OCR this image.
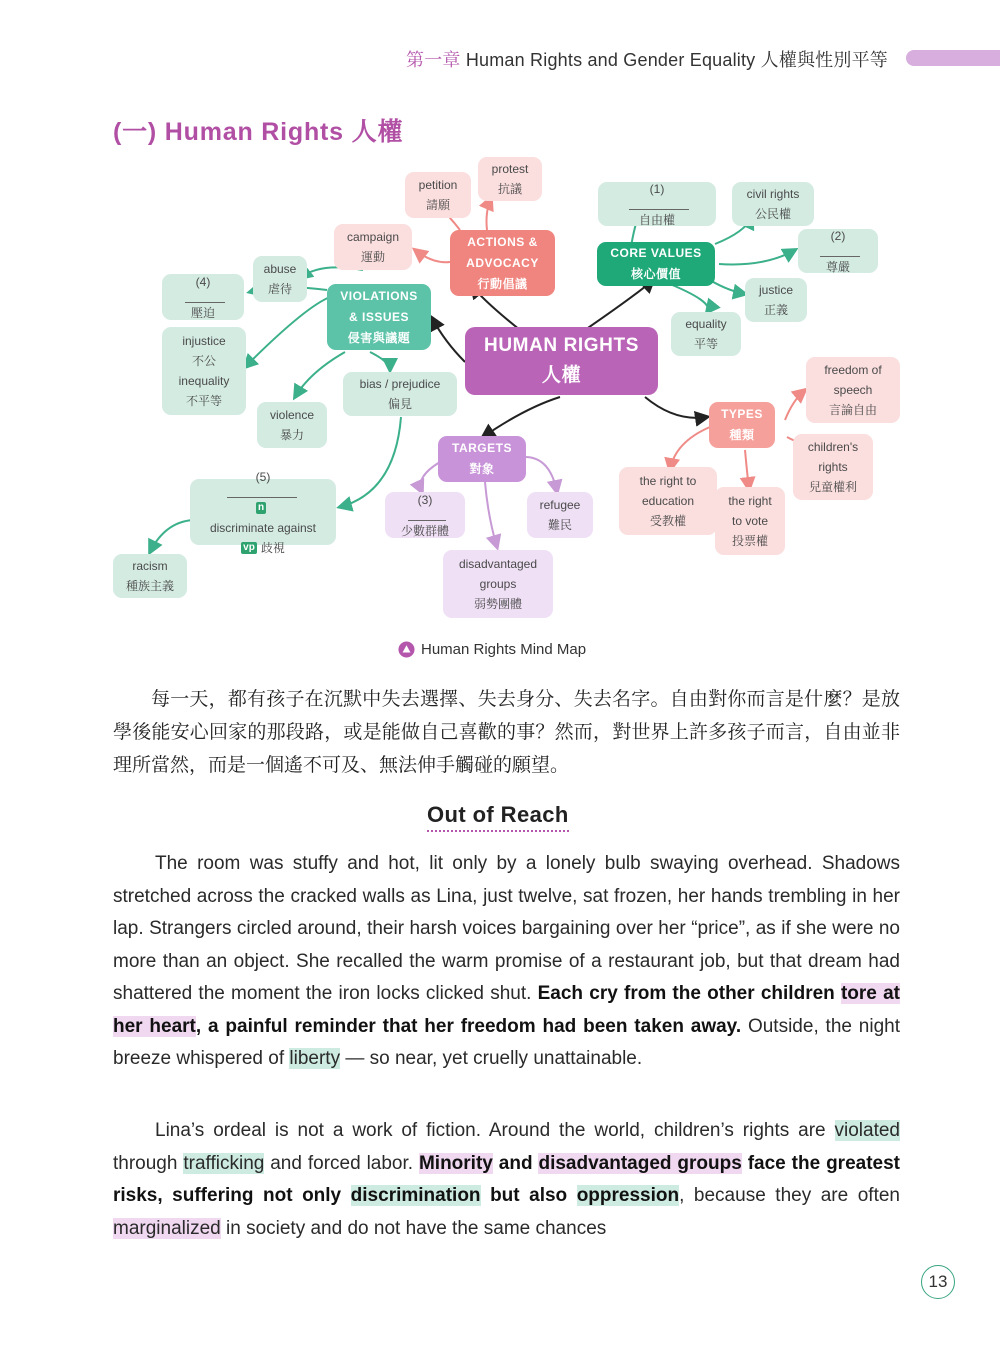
第一章 Human Rights and Gender Equality 人權與性別平等
(一) Human Rights 人權
HUMAN RIGHTS
人權
ACTIONS &
ADVOCACY
行動倡議
petition
請願
protest
抗議
campaign
運動	CORE VALUES
核心價值
(1)
自由權
civil rights
公民權
(2)
尊嚴
justice
正義
equality
平等
VIOLATIONS
& ISSUES
侵害與議題
abuse
虐待
(4)
壓迫
injustice
不公
inequality
不平等
violence
暴力
bias / prejudice
偏見
(5)
n
discriminate against
vp 歧視
racism
種族主義
TARGETS
對象
(3)
少數群體
refugee
難民
disadvantaged
groups
弱勢團體
TYPES
種類
freedom of
speech
言論自由
children's
rights
兒童權利
the right to
education
受教權
the right
to vote
投票權
Human Rights Mind Map

每一天，都有孩子在沉默中失去選擇、失去身分、失去名字。自由對你而言是什麼？是放學後能安心回家的那段路，或是能做自己喜歡的事？然而，對世界上許多孩子而言，自由並非理所當然，而是一個遙不可及、無法伸手觸碰的願望。

Out of Reach

The room was stuffy and hot, lit only by a lonely bulb swaying overhead. Shadows stretched across the cracked walls as Lina, just twelve, sat frozen, her hands trembling in her lap. Strangers circled around, their harsh voices bargaining over her “price”, as if she were no more than an object. She recalled the warm promise of a restaurant job, but that dream had shattered the moment the iron locks clicked shut. Each cry from the other children tore at her heart, a painful reminder that her freedom had been taken away. Outside, the night breeze whispered of liberty — so near, yet cruelly unattainable.

Lina’s ordeal is not a work of fiction. Around the world, children’s rights are violated through trafficking and forced labor. Minority and disadvantaged groups face the greatest risks, suffering not only discrimination but also oppression, because they are often marginalized in society and do not have the same chances

13
